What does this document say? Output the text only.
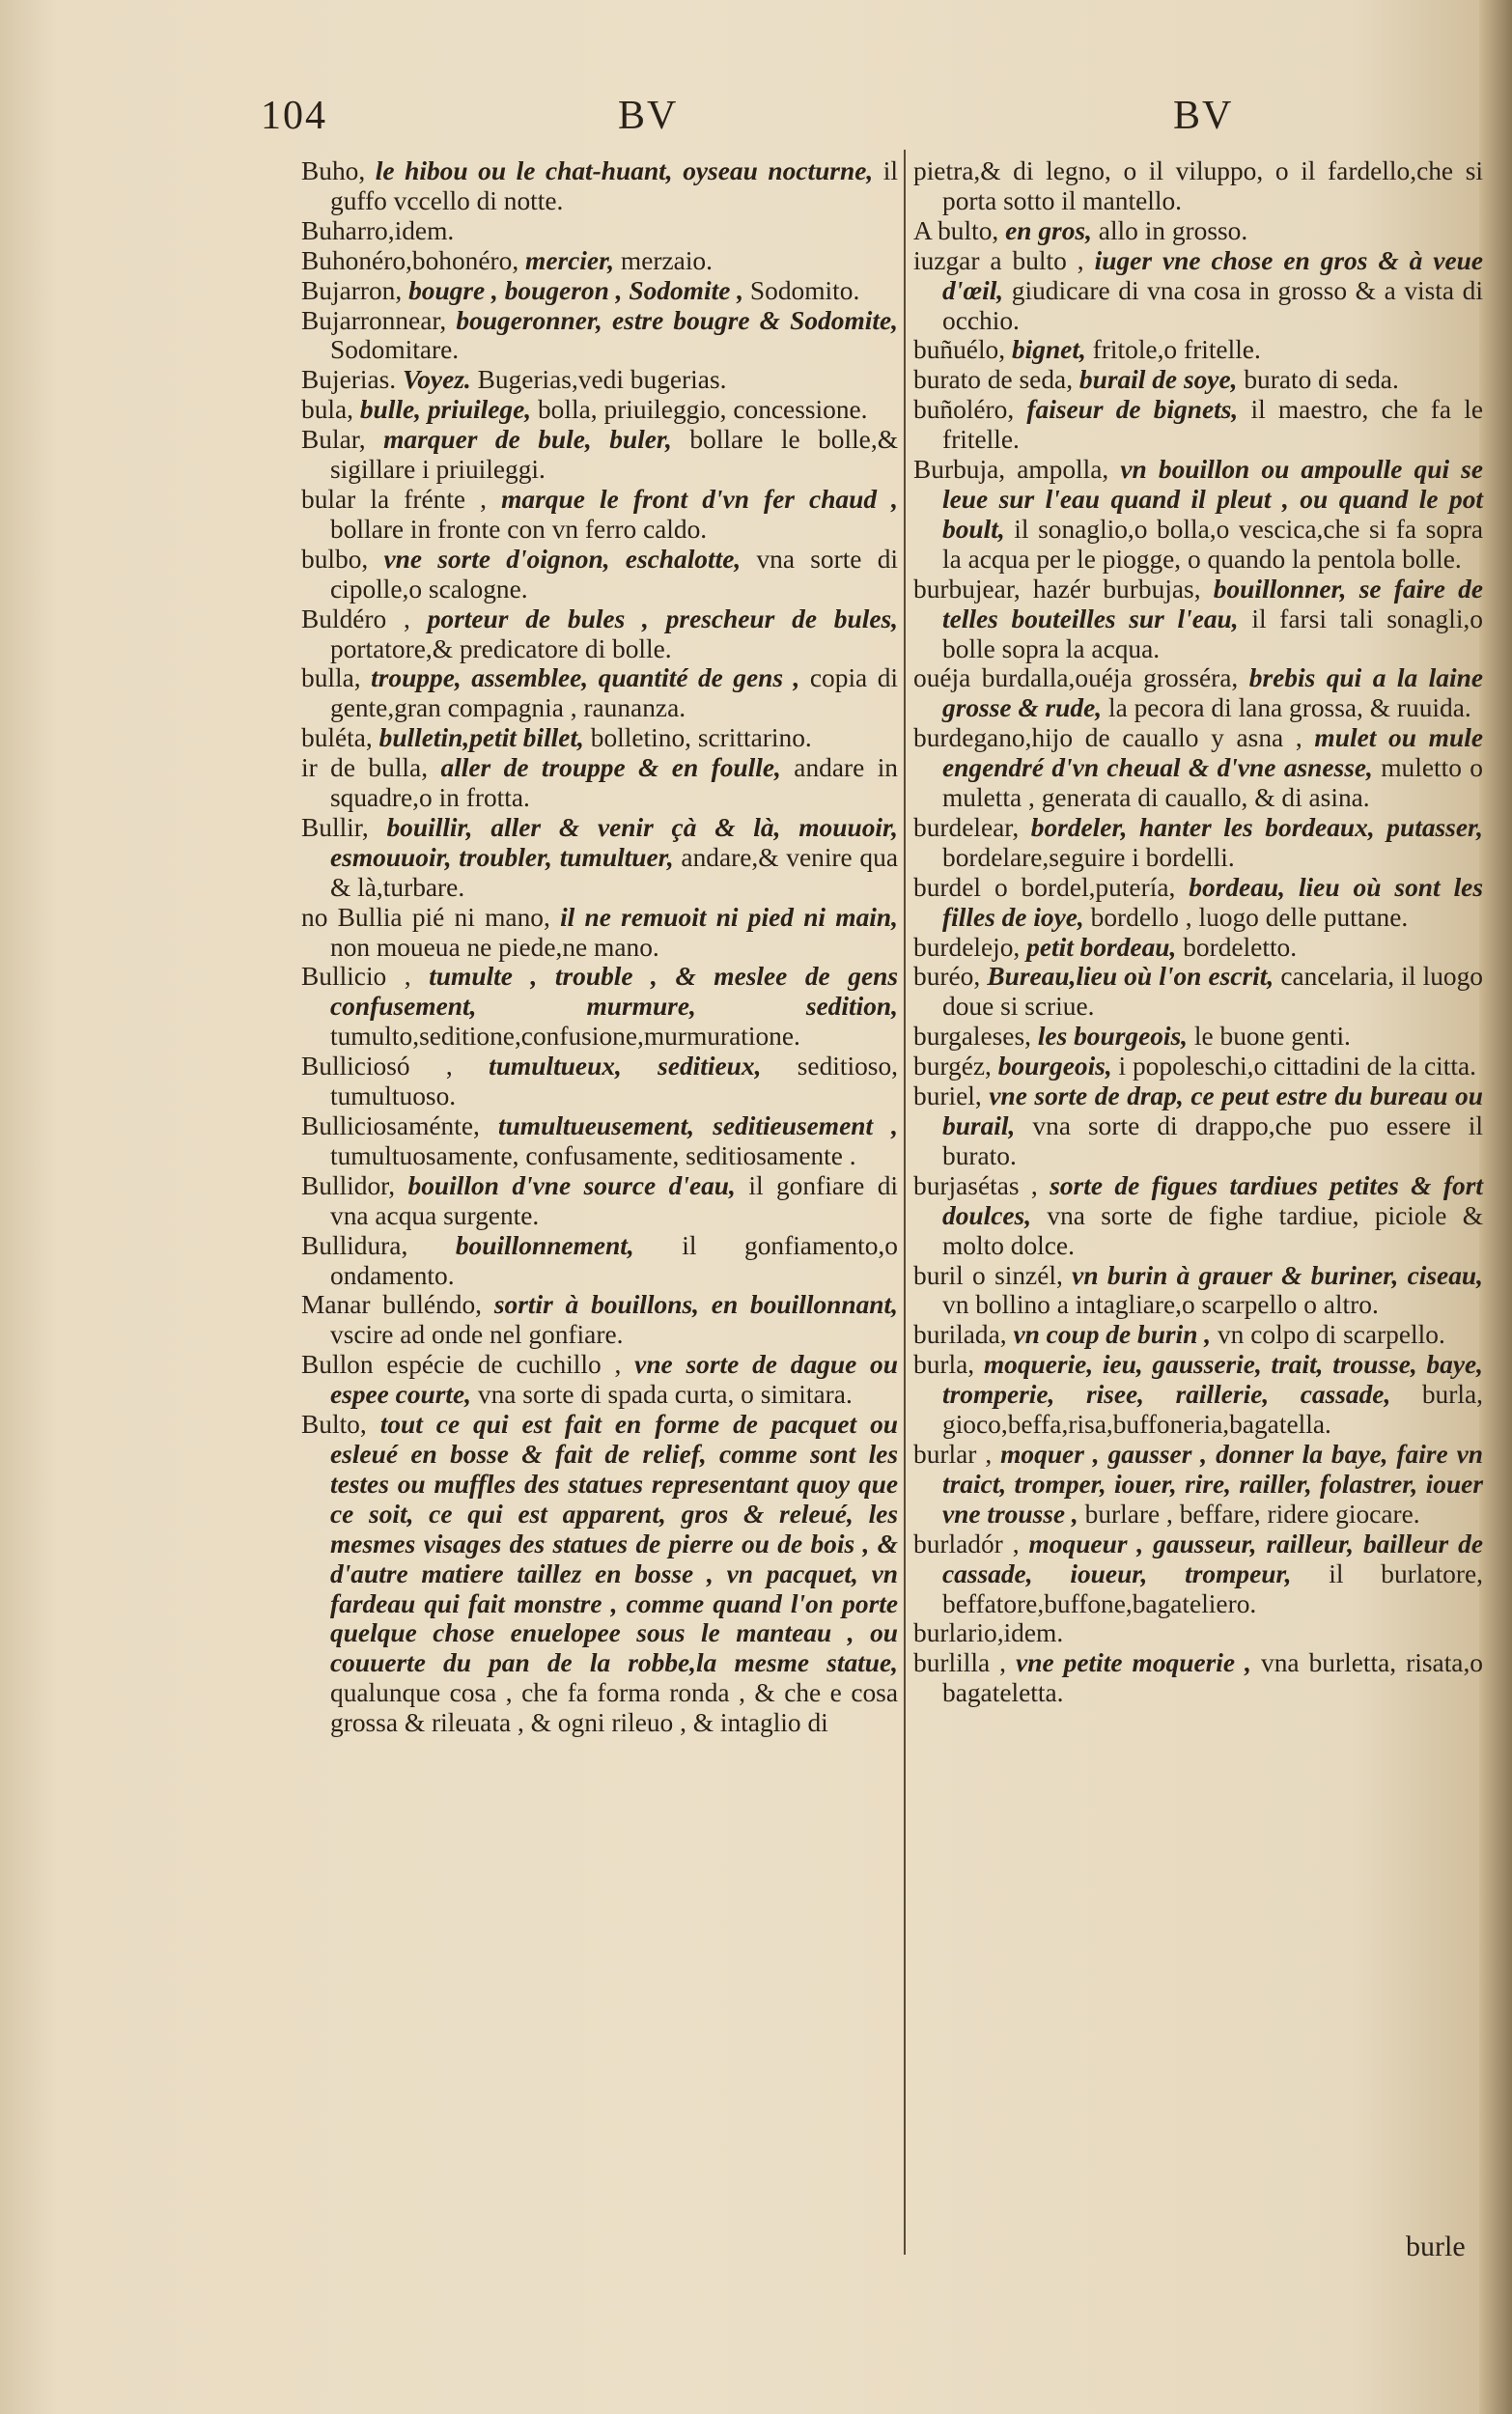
104	BV	BV

Buho, le hibou ou le chat-huant, oyseau nocturne, il guffo vccello di notte.

Buharro,idem.

Buhonéro,bohonéro, mercier, merzaio.

Bujarron, bougre , bougeron , Sodomite , Sodomito.

Bujarronnear, bougeronner, estre bougre & Sodomite, Sodomitare.

Bujerias. Voyez. Bugerias,vedi bugerias.

bula, bulle, priuilege, bolla, priuileggio, concessione.

Bular, marquer de bule, buler, bollare le bolle,& sigillare i priuileggi.

bular la frénte , marque le front d'vn fer chaud , bollare in fronte con vn ferro caldo.

bulbo, vne sorte d'oignon, eschalotte, vna sorte di cipolle,o scalogne.

Buldéro , porteur de bules , prescheur de bules, portatore,& predicatore di bolle.

bulla, trouppe, assemblee, quantité de gens , copia di gente,gran compagnia , raunanza.

buléta, bulletin,petit billet, bolletino, scrittarino.

ir de bulla, aller de trouppe & en foulle, andare in squadre,o in frotta.

Bullir, bouillir, aller & venir çà & là, mouuoir, esmouuoir, troubler, tumultuer, andare,& venire qua & là,turbare.

no Bullia pié ni mano, il ne remuoit ni pied ni main, non moueua ne piede,ne mano.

Bullicio , tumulte , trouble , & meslee de gens confusement, murmure, sedition, tumulto,seditione,confusione,murmuratione.

Bulliciosó , tumultueux, seditieux, seditioso, tumultuoso.

Bulliciosaménte, tumultueusement, seditieusement , tumultuosamente, confusamente, seditiosamente .

Bullidor, bouillon d'vne source d'eau, il gonfiare di vna acqua surgente.

Bullidura, bouillonnement, il gonfiamento,o ondamento.

Manar bulléndo, sortir à bouillons, en bouillonnant, vscire ad onde nel gonfiare.

Bullon espécie de cuchillo , vne sorte de dague ou espee courte, vna sorte di spada curta, o simitara.

Bulto, tout ce qui est fait en forme de pacquet ou esleué en bosse & fait de relief, comme sont les testes ou muffles des statues representant quoy que ce soit, ce qui est apparent, gros & releué, les mesmes visages des statues de pierre ou de bois , & d'autre matiere taillez en bosse , vn pacquet, vn fardeau qui fait monstre , comme quand l'on porte quelque chose enuelopee sous le manteau , ou couuerte du pan de la robbe,la mesme statue, qualunque cosa , che fa forma ronda , & che e cosa grossa & rileuata , & ogni rileuo , & intaglio di

pietra,& di legno, o il viluppo, o il fardello,che si porta sotto il mantello.

A bulto, en gros, allo in grosso.

iuzgar a bulto , iuger vne chose en gros & à veue d'œil, giudicare di vna cosa in grosso & a vista di occhio.

buñuélo, bignet, fritole,o fritelle.

burato de seda, burail de soye, burato di seda.

buñoléro, faiseur de bignets, il maestro, che fa le fritelle.

Burbuja, ampolla, vn bouillon ou ampoulle qui se leue sur l'eau quand il pleut , ou quand le pot boult, il sonaglio,o bolla,o vescica,che si fa sopra la acqua per le piogge, o quando la pentola bolle.

burbujear, hazér burbujas, bouillonner, se faire de telles bouteilles sur l'eau, il farsi tali sonagli,o bolle sopra la acqua.

ouéja burdalla,ouéja grosséra, brebis qui a la laine grosse & rude, la pecora di lana grossa, & ruuida.

burdegano,hijo de cauallo y asna , mulet ou mule engendré d'vn cheual & d'vne asnesse, muletto o muletta , generata di cauallo, & di asina.

burdelear, bordeler, hanter les bordeaux, putasser, bordelare,seguire i bordelli.

burdel o bordel,putería, bordeau, lieu où sont les filles de ioye, bordello , luogo delle puttane.

burdelejo, petit bordeau, bordeletto.

buréo, Bureau,lieu où l'on escrit, cancelaria, il luogo doue si scriue.

burgaleses, les bourgeois, le buone genti.

burgéz, bourgeois, i popoleschi,o cittadini de la citta.

buriel, vne sorte de drap, ce peut estre du bureau ou burail, vna sorte di drappo,che puo essere il burato.

burjasétas , sorte de figues tardiues petites & fort doulces, vna sorte de fighe tardiue, piciole & molto dolce.

buril o sinzél, vn burin à grauer & buriner, ciseau, vn bollino a intagliare,o scarpello o altro.

burilada, vn coup de burin , vn colpo di scarpello.

burla, moquerie, ieu, gausserie, trait, trousse, baye, tromperie, risee, raillerie, cassade, burla, gioco,beffa,risa,buffoneria,bagatella.

burlar , moquer , gausser , donner la baye, faire vn traict, tromper, iouer, rire, railler, folastrer, iouer vne trousse , burlare , beffare, ridere giocare.

burladór , moqueur , gausseur, railleur, bailleur de cassade, ioueur, trompeur, il burlatore, beffatore,buffone,bagateliero.

burlario,idem.

burlilla , vne petite moquerie , vna burletta, risata,o bagateletta.

burle
